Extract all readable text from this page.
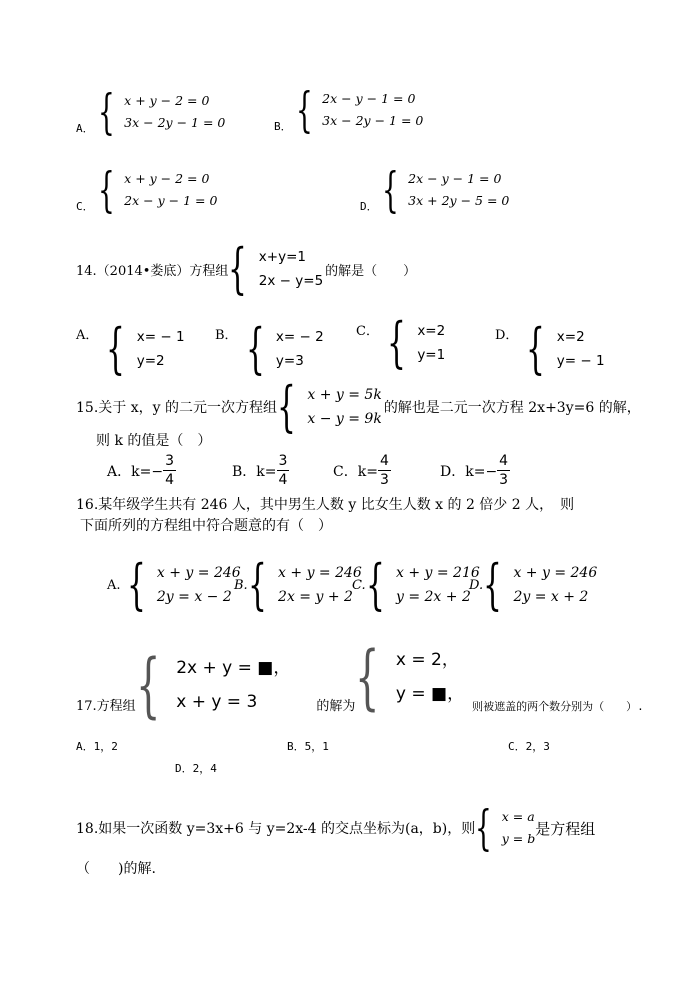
A． { x + y − 2 = 0
3x − 2y − 1 = 0	B． { 2x − y − 1 = 0
3x − 2y − 1 = 0
C． { x + y − 2 = 0
2x − y − 1 = 0	D． { 2x − y − 1 = 0
3x + 2y − 5 = 0
14.（2014•娄底）方程组 { x+y=1
2x − y=5
的解是（　　）
A． { x= − 1
y=2
B． { x= − 2
y=3
C． { x=2
y=1
D． { x=2
y= − 1
15.关于 x，y 的二元一次方程组 { x + y = 5k
x − y = 9k
的解也是二元一次方程 2x+3y=6 的解，
则 k 的值是（　）
A．$k=- \frac{3}{4}$	B．$k= \frac{3}{4}$	C．$k= \frac{4}{3}$	D．$k=- \frac{4}{3}$
16.某年级学生共有 246 人，其中男生人数 y 比女生人数 x 的 2 倍少 2 人，　则
下面所列的方程组中符合题意的有（　）
A. { x + y = 246
2y = x − 2
B. { x + y = 246
2x = y + 2
C. { x + y = 216
y = 2x + 2
D. { x + y = 246
2y = x + 2
17.方程组 { 2x + y = ■，
x + y = 3	的解为 { x = 2，
y = ■，
则被遮盖的两个数分别为（　　）.
A．1，2	B．5，1	C．2，3
D．2，4
18.如果一次函数 y=3x+6 与 y=2x-4 的交点坐标为(a，b)，则 { x = a
y = b
是方程组
（　　)的解.
